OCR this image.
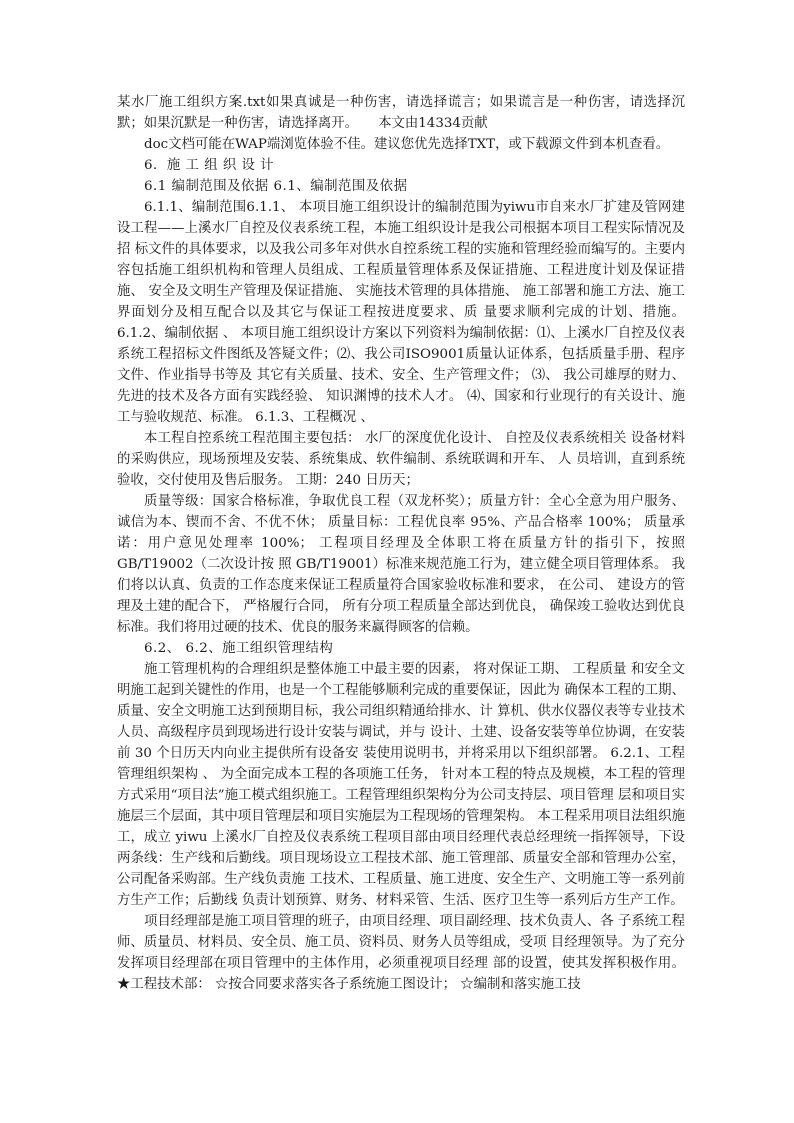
某水厂施工组织方案.txt如果真诚是一种伤害，请选择谎言；如果谎言是一种伤害，请选择沉默；如果沉默是一种伤害，请选择离开。　　本文由14334贡献

doc文档可能在WAP端浏览体验不佳。建议您优先选择TXT，或下载源文件到本机查看。

6．施 工 组 织 设 计

6.1 编制范围及依据 6.1、编制范围及依据

6.1.1、编制范围6.1.1、 本项目施工组织设计的编制范围为yiwu市自来水厂扩建及管网建设工程——上溪水厂自控及仪表系统工程，本施工组织设计是我公司根据本项目工程实际情况及招 标文件的具体要求，以及我公司多年对供水自控系统工程的实施和管理经验而编写的。主要内容包括施工组织机构和管理人员组成、工程质量管理体系及保证措施、工程进度计划及保证措施、 安全及文明生产管理及保证措施、 实施技术管理的具体措施、 施工部署和施工方法、施工界面划分及相互配合以及其它与保证工程按进度要求、质 量要求顺利完成的计划、措施。 6.1.2、编制依据 、 本项目施工组织设计方案以下列资料为编制依据：⑴、上溪水厂自控及仪表系统工程招标文件图纸及答疑文件；⑵、我公司ISO9001质量认证体系，包括质量手册、程序文件、作业指导书等及 其它有关质量、技术、安全、生产管理文件； ⑶、 我公司雄厚的财力、 先进的技术及各方面有实践经验、 知识渊博的技术人才。 ⑷、国家和行业现行的有关设计、施工与验收规范、标准。 6.1.3、工程概况 、

本工程自控系统工程范围主要包括： 水厂的深度优化设计、 自控及仪表系统相关 设备材料的采购供应，现场预埋及安装、系统集成、软件编制、系统联调和开车、 人 员培训，直到系统验收，交付使用及售后服务。 工期：240 日历天；

质量等级：国家合格标准，争取优良工程（双龙杯奖）；质量方针：全心全意为用户服务、诚信为本、锲而不舍、不优不休； 质量目标：工程优良率 95%、产品合格率 100%； 质量承诺：用户意见处理率 100%； 工程项目经理及全体职工将在质量方针的指引下，按照GB/T19002（二次设计按 照 GB/T19001）标准来规范施工行为，建立健全项目管理体系。 我们将以认真、负责的工作态度来保证工程质量符合国家验收标准和要求， 在公司、 建设方的管理及土建的配合下， 严格履行合同， 所有分项工程质量全部达到优良， 确保竣工验收达到优良标准。我们将用过硬的技术、优良的服务来赢得顾客的信赖。

6.2、 6.2、施工组织管理结构

施工管理机构的合理组织是整体施工中最主要的因素， 将对保证工期、 工程质量 和安全文明施工起到关键性的作用，也是一个工程能够顺利完成的重要保证，因此为 确保本工程的工期、质量、安全文明施工达到预期目标，我公司组织精通给排水、计 算机、供水仪器仪表等专业技术人员、高级程序员到现场进行设计安装与调试，并与 设计、土建、设备安装等单位协调，在安装前 30 个日历天内向业主提供所有设备安 装使用说明书，并将采用以下组织部署。 6.2.1、工程管理组织架构 、 为全面完成本工程的各项施工任务， 针对本工程的特点及规模，本工程的管理方式采用“项目法”施工模式组织施工。工程管理组织架构分为公司支持层、项目管理 层和项目实施层三个层面，其中项目管理层和项目实施层为工程现场的管理架构。 本工程采用项目法组织施工，成立 yiwu 上溪水厂自控及仪表系统工程项目部由项目经理代表总经理统一指挥领导，下设两条线：生产线和后勤线。项目现场设立工程技术部、施工管理部、质量安全部和管理办公室，公司配备采购部。生产线负责施 工技术、工程质量、施工进度、安全生产、文明施工等一系列前方生产工作；后勤线 负责计划预算、财务、材料采管、生活、医疗卫生等一系列后方生产工作。

项目经理部是施工项目管理的班子，由项目经理、项目副经理、技术负责人、各 子系统工程师、质量员、材料员、安全员、施工员、资料员、财务人员等组成，受项 目经理领导。为了充分发挥项目经理部在项目管理中的主体作用，必须重视项目经理 部的设置，使其发挥积极作用。 ★工程技术部： ☆按合同要求落实各子系统施工图设计； ☆编制和落实施工技
